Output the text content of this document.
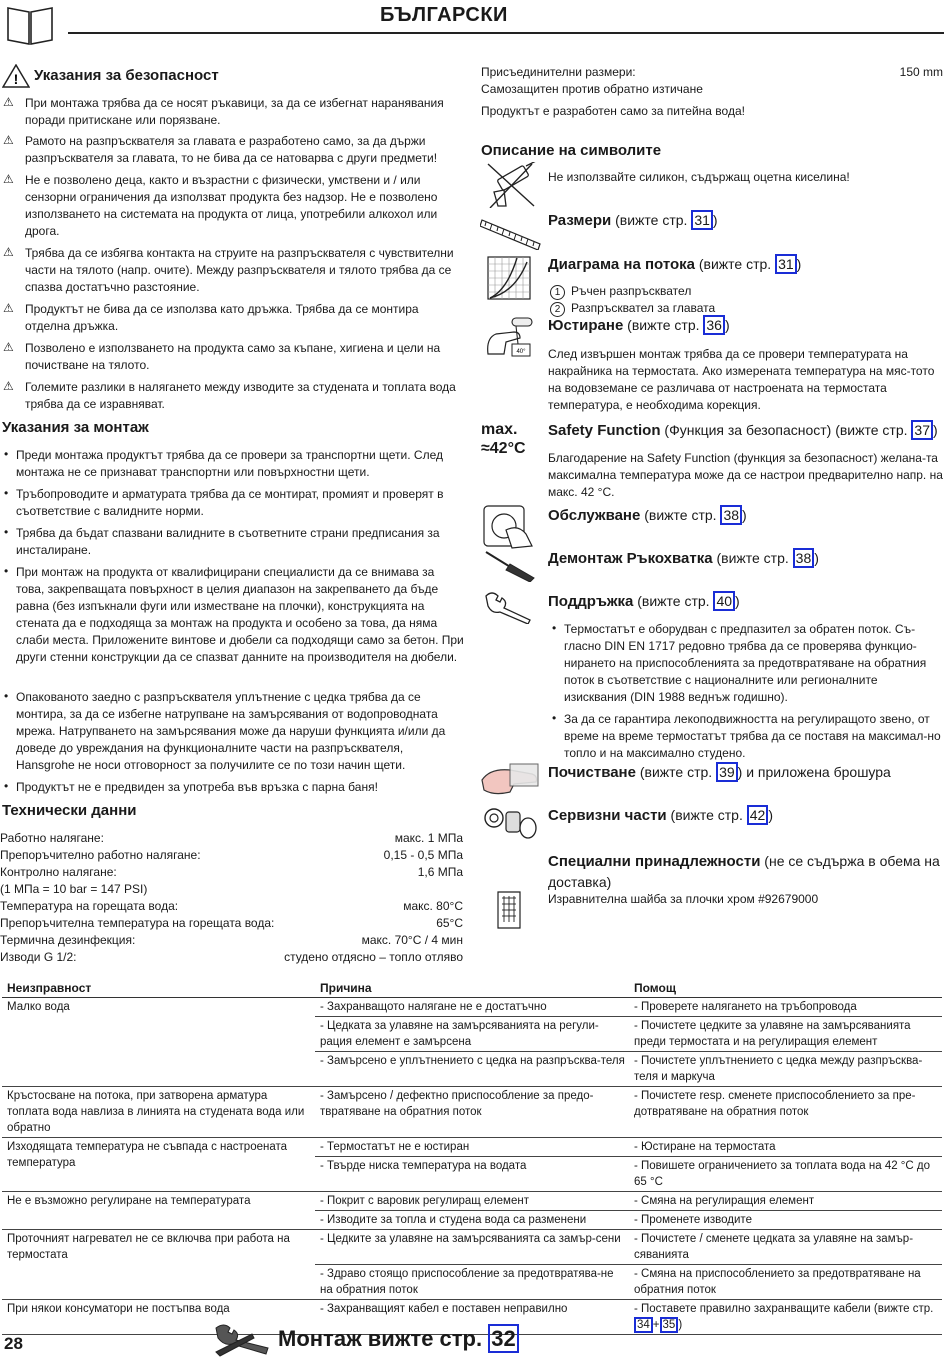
БЪЛГАРСКИ
! Указания за безопасност
⚠ При монтажа трябва да се носят ръкавици, за да се избегнат наранявания поради притискане или порязване.
⚠ Рамото на разпръсквателя за главата е разработено само, за да държи разпръсквателя за главата, то не бива да се натоварва с други предмети!
⚠ Не е позволено деца, както и възрастни с физически, умствени и / или сензорни ограничения да използват продукта без надзор. Не е позволено използването на системата на продукта от лица, употребили алкохол или дрога.
⚠ Трябва да се избягва контакта на струите на разпръсквателя с чувствителни части на тялото (напр. очите). Между разпръсквателя и тялото трябва да се спазва достатъчно разстояние.
⚠ Продуктът не бива да се използва като дръжка. Трябва да се монтира отделна дръжка.
⚠ Позволено е използването на продукта само за къпане, хигиена и цели на почистване на тялото.
⚠ Големите разлики в налягането между изводите за студената и топлата вода трябва да се изравняват.
Указания за монтаж
• Преди монтажа продуктът трябва да се провери за транспортни щети. След монтажа не се признават транспортни или повърхностни щети.
• Тръбопроводите и арматурата трябва да се монтират, промият и проверят в съответствие с валидните норми.
• Трябва да бъдат спазвани валидните в съответните страни предписания за инсталиране.
• При монтаж на продукта от квалифицирани специалисти да се внимава за това, закрепващата повърхност в целия диапазон на закрепването да бъде равна (без изпъкнали фуги или изместване на плочки), конструкцията на стената да е подходяща за монтаж на продукта и особено за това, да няма слаби места. Приложените винтове и дюбели са подходящи само за бетон. При други стенни конструкции да се спазват данните на производителя на дюбели.
• Опакованото заедно с разпръсквателя уплътнение с цедка трябва да се монтира, за да се избегне натрупване на замърсявания от водопроводната мрежа. Натрупването на замърсявания може да наруши функцията и/или да доведе до увреждания на функционалните части на разпръсквателя, Hansgrohe не носи отговорност за получилите се по този начин щети.
• Продуктът не е предвиден за употреба във връзка с парна баня!
Технически данни
Работно налягане:	макс. 1 МПа
Препоръчително работно налягане:	0,15 - 0,5 МПа
Контролно налягане:	1,6 МПа
(1 МПа = 10 bar = 147 PSI)
Температура на горещата вода:	макс. 80°C
Препоръчителна температура на горещата вода:	65°C
Термична дезинфекция:	макс. 70°C / 4 мин
Изводи G 1/2:	студено отдясно – топло отляво
Присъединителни размери:	150 mm
Самозащитен против обратно изтичане
Продуктът е разработен само за питейна вода!
Описание на символите
Не използвайте силикон, съдържащ оцетна киселина!
Размери (вижте стр. 31 )
Диаграма на потока (вижте стр. 31 )
1 Ръчен разпръсквател
2 Разпръсквател за главата
40°
Юстиране (вижте стр. 36 )
След извършен монтаж трябва да се провери температурата на накрайника на термостата. Ако измерената температура на мяс-тото на водовземане се различава от настроената на термостата температура, е необходима корекция.
max.
≈42°C
Safety Function (Функция за безопасност) (вижте стр. 37 )
Благодарение на Safety Function (функция за безопасност) желана-та максимална температура може да се настрои предварително напр. на макс. 42 °C.
Обслужване (вижте стр. 38 )
Демонтаж Ръкохватка (вижте стр. 38 )
Поддръжка (вижте стр. 40 )
• Термостатът е оборудван с предпазител за обратен поток. Съ-гласно DIN EN 1717 редовно трябва да се проверява функцио-нирането на приспособленията за предотвратяване на обратния поток в съответствие с националните или регионалните изисквания (DIN 1988 веднъж годишно).
• За да се гарантира лекоподвижността на регулиращото звено, от време на време термостатът трябва да се поставя на максимал-но топло и на максимално студено.
Почистване (вижте стр. 39 ) и приложена брошура
Сервизни части (вижте стр. 42 )
Специални принадлежности (не се съдържа в обема на доставка)
Изравнителна шайба за плочки хром #92679000
Неизправност	Причина	Помощ
Малко вода	- Захранващото налягане не е достатъчно	- Проверете налягането на тръбопровода
	- Цедката за улавяне на замърсяванията на регули-рация елемент е замърсена	- Почистете цедките за улавяне на замърсяванията преди термостата и на регулиращия елемент
	- Замърсено е уплътнението с цедка на разпръсква-теля	- Почистете уплътнението с цедка между разпръсква-теля и маркуча
Кръстосване на потока, при затворена арматура топлата вода навлиза в линията на студената вода или обратно	- Замърсено / дефектно приспособление за предо-твратяване на обратния поток	- Почистете resp. сменете приспособлението за пре-дотвратяване на обратния поток
Изходящата температура не съвпада с настроената температура	- Термостатът не е юстиран	- Юстиране на термостата
	- Твърде ниска температура на водата	- Повишете ограничението за топлата вода на 42 °C до 65 °C
Не е възможно регулиране на температурата	- Покрит с варовик регулиращ елемент	- Смяна на регулиращия елемент
	- Изводите за топла и студена вода са разменени	- Променете изводите
Проточният нагревател не се включва при работа на термостата	- Цедките за улавяне на замърсяванията са замър-сени	- Почистете / сменете цедката за улавяне на замър-сяванията
	- Здраво стоящо приспособление за предотвратява-не на обратния поток	- Смяна на приспособлението за предотвратяване на обратния поток
При някои консуматори не постъпва вода	- Захранващият кабел е поставен неправилно	- Поставете правилно захранващите кабели (вижте стр. 34 + 35 )
28	Монтаж вижте стр. 32
